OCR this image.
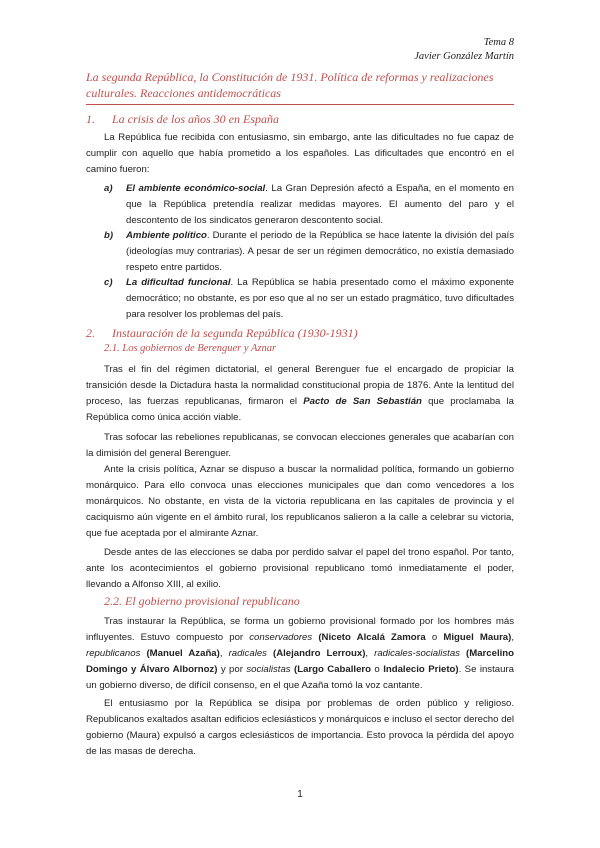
Tema 8
Javier González Martín
La segunda República, la Constitución de 1931. Política de reformas y realizaciones culturales. Reacciones antidemocráticas
1. La crisis de los años 30 en España

La República fue recibida con entusiasmo, sin embargo, ante las dificultades no fue capaz de cumplir con aquello que había prometido a los españoles. Las dificultades que encontró en el camino fueron:

a) El ambiente económico-social. La Gran Depresión afectó a España, en el momento en que la República pretendía realizar medidas mayores. El aumento del paro y el descontento de los sindicatos generaron descontento social.
b) Ambiente político. Durante el periodo de la República se hace latente la división del país (ideologías muy contrarias). A pesar de ser un régimen democrático, no existía demasiado respeto entre partidos.
c) La dificultad funcional. La República se había presentado como el máximo exponente democrático; no obstante, es por eso que al no ser un estado pragmático, tuvo dificultades para resolver los problemas del país.
2. Instauración de la segunda República (1930-1931)
2.1. Los gobiernos de Berenguer y Aznar

Tras el fin del régimen dictatorial, el general Berenguer fue el encargado de propiciar la transición desde la Dictadura hasta la normalidad constitucional propia de 1876. Ante la lentitud del proceso, las fuerzas republicanas, firmaron el Pacto de San Sebastián que proclamaba la República como única acción viable.

Tras sofocar las rebeliones republicanas, se convocan elecciones generales que acabarían con la dimisión del general Berenguer.

Ante la crisis política, Aznar se dispuso a buscar la normalidad política, formando un gobierno monárquico. Para ello convoca unas elecciones municipales que dan como vencedores a los monárquicos. No obstante, en vista de la victoria republicana en las capitales de provincia y el caciquismo aún vigente en el ámbito rural, los republicanos salieron a la calle a celebrar su victoria, que fue aceptada por el almirante Aznar.

Desde antes de las elecciones se daba por perdido salvar el papel del trono español. Por tanto, ante los acontecimientos el gobierno provisional republicano tomó inmediatamente el poder, llevando a Alfonso XIII, al exilio.

2.2. El gobierno provisional republicano

Tras instaurar la República, se forma un gobierno provisional formado por los hombres más influyentes. Estuvo compuesto por conservadores (Niceto Alcalá Zamora o Miguel Maura), republicanos (Manuel Azaña), radicales (Alejandro Lerroux), radicales-socialistas (Marcelino Domingo y Álvaro Albornoz) y por socialistas (Largo Caballero o Indalecio Prieto). Se instaura un gobierno diverso, de difícil consenso, en el que Azaña tomó la voz cantante.

El entusiasmo por la República se disipa por problemas de orden público y religioso. Republicanos exaltados asaltan edificios eclesiásticos y monárquicos e incluso el sector derecho del gobierno (Maura) expulsó a cargos eclesiásticos de importancia. Esto provoca la pérdida del apoyo de las masas de derecha.

1
